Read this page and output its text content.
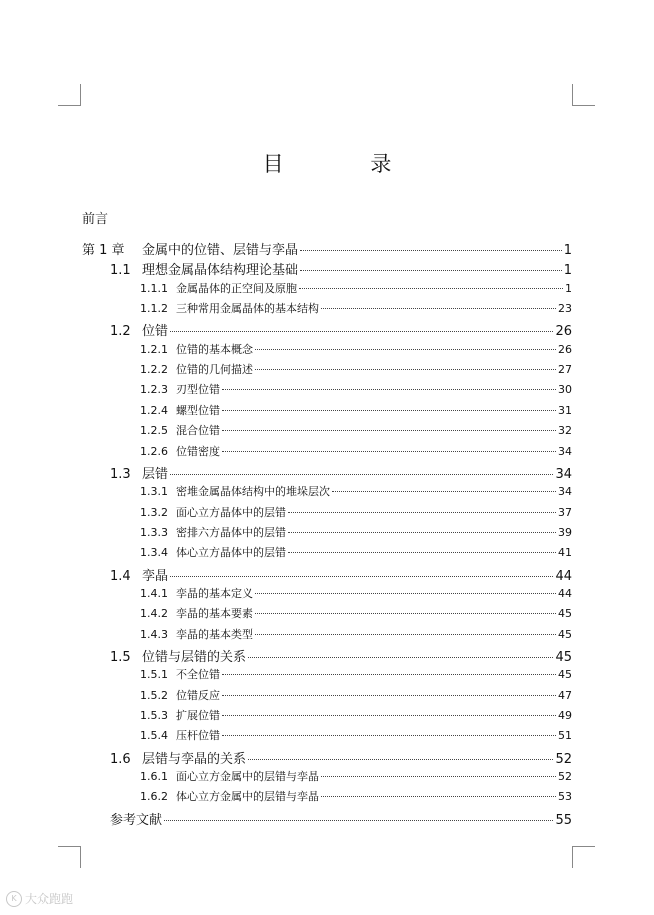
目 录
前言
第 1 章	金属中的位错、层错与孪晶	1
1.1 理想金属晶体结构理论基础	1
1.1.1 金属晶体的正空间及原胞	1
1.1.2 三种常用金属晶体的基本结构	23
1.2 位错	26
1.2.1 位错的基本概念	26
1.2.2 位错的几何描述	27
1.2.3 刃型位错	30
1.2.4 螺型位错	31
1.2.5 混合位错	32
1.2.6 位错密度	34
1.3 层错	34
1.3.1 密堆金属晶体结构中的堆垛层次	34
1.3.2 面心立方晶体中的层错	37
1.3.3 密排六方晶体中的层错	39
1.3.4 体心立方晶体中的层错	41
1.4 孪晶	44
1.4.1 孪晶的基本定义	44
1.4.2 孪晶的基本要素	45
1.4.3 孪晶的基本类型	45
1.5 位错与层错的关系	45
1.5.1 不全位错	45
1.5.2 位错反应	47
1.5.3 扩展位错	49
1.5.4 压杆位错	51
1.6 层错与孪晶的关系	52
1.6.1 面心立方金属中的层错与孪晶	52
1.6.2 体心立方金属中的层错与孪晶	53
参考文献	55
K 大众跑跑
